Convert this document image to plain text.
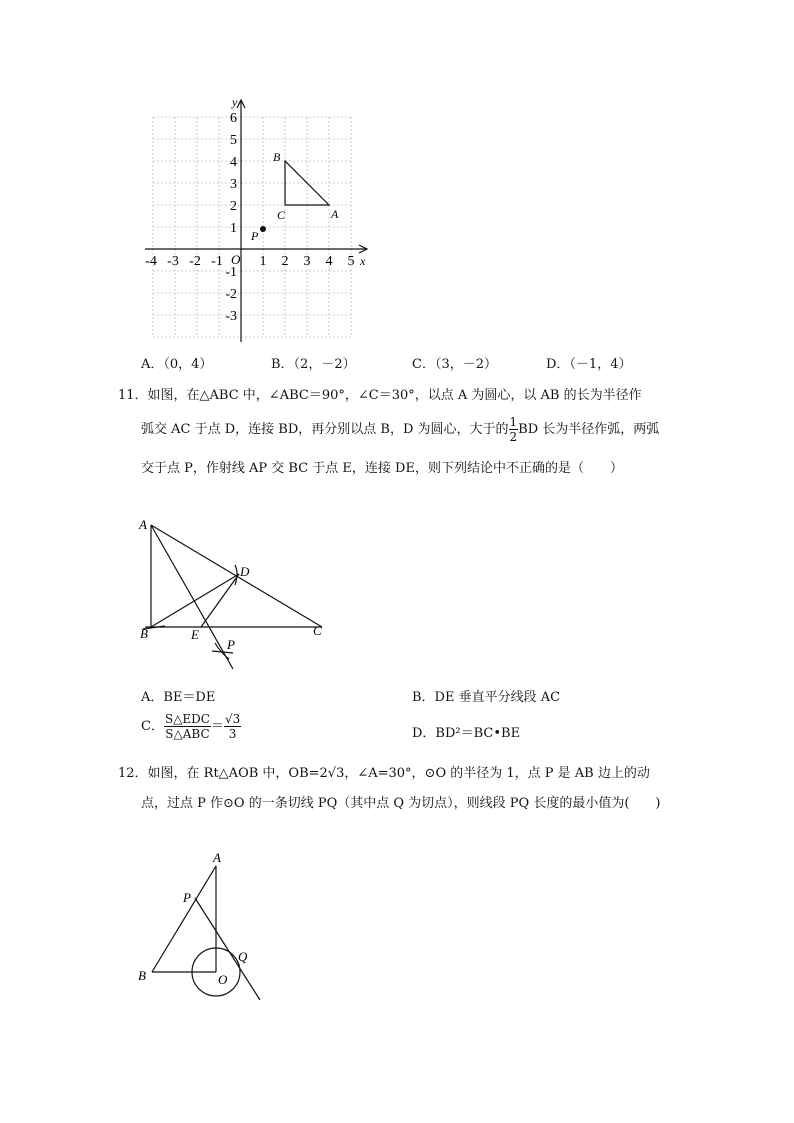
y
x
O
6
5
4
3
2
1
-1
-2
-3
-4 -3 -2 -1	1 2 3 4 5
B
C	A
P
A．（0，4）	B．（2，－2）	C．（3，－2）	D．（－1，4）
11．如图，在△ABC 中，∠ABC＝90°，∠C＝30°，以点 A 为圆心，以 AB 的长为半径作
弧交 AC 于点 D，连接 BD，再分别以点 B，D 为圆心，大于的 $\frac{1}{2}$ BD 长为半径作弧，两弧
交于点 P，作射线 AP 交 BC 于点 E，连接 DE，则下列结论中不正确的是（　　）
A
D
B	E	C
P
A．BE＝DE	B．DE 垂直平分线段 AC
C． $\frac{\text{S△EDC}}{\text{S△ABC}} = \frac{√3}{3}$	D．BD²＝BC•BE
12．如图，在 Rt△AOB 中，OB=2√3，∠A=30°，⊙O 的半径为 1，点 P 是 AB 边上的动
点，过点 P 作⊙O 的一条切线 PQ（其中点 Q 为切点），则线段 PQ 长度的最小值为(　　)
A
P
Q
B	O
